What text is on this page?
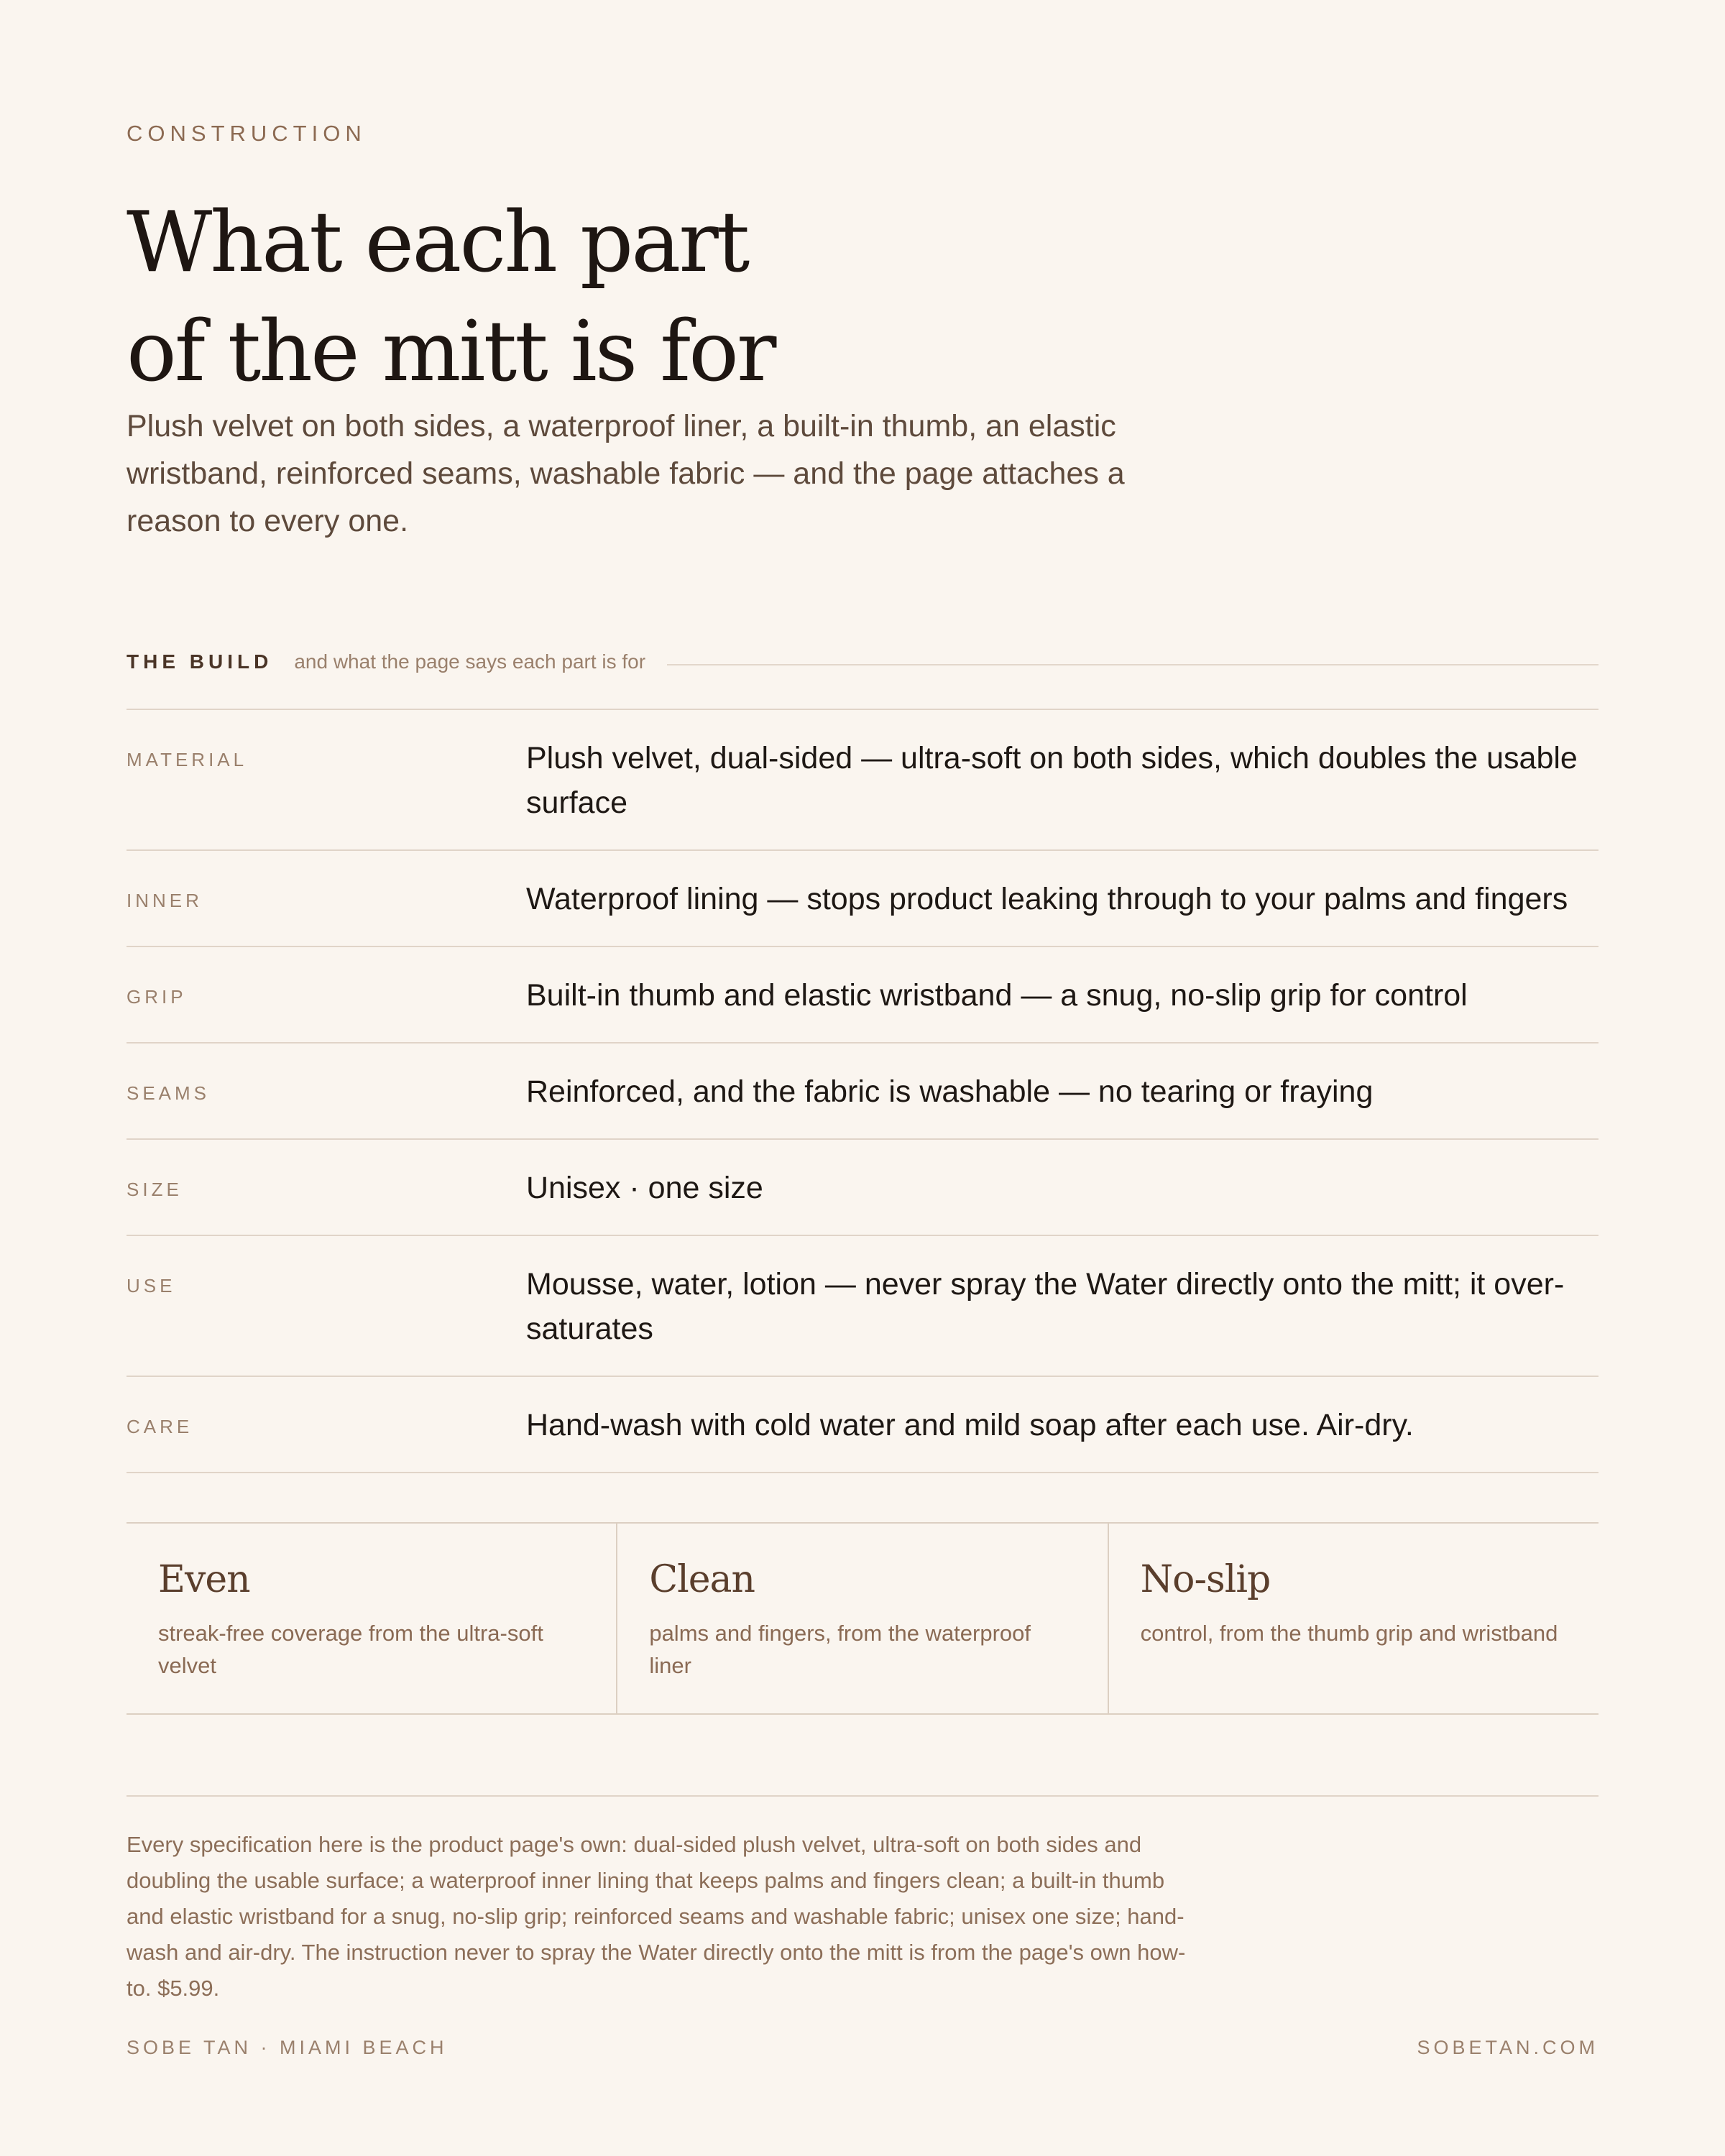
CONSTRUCTION
What each part
of the mitt is for

Plush velvet on both sides, a waterproof liner, a built-in thumb, an elastic wristband, reinforced seams, washable fabric — and the page attaches a reason to every one.

THE BUILD and what the page says each part is for
MATERIAL	Plush velvet, dual-sided — ultra-soft on both sides, which doubles the usable surface
INNER	Waterproof lining — stops product leaking through to your palms and fingers
GRIP	Built-in thumb and elastic wristband — a snug, no-slip grip for control
SEAMS	Reinforced, and the fabric is washable — no tearing or fraying
SIZE	Unisex · one size
USE	Mousse, water, lotion — never spray the Water directly onto the mitt; it over-saturates
CARE	Hand-wash with cold water and mild soap after each use. Air-dry.
Even
streak-free coverage from the ultra-soft velvet
Clean
palms and fingers, from the waterproof liner
No-slip
control, from the thumb grip and wristband

Every specification here is the product page's own: dual-sided plush velvet, ultra-soft on both sides and doubling the usable surface; a waterproof inner lining that keeps palms and fingers clean; a built-in thumb and elastic wristband for a snug, no-slip grip; reinforced seams and washable fabric; unisex one size; hand-wash and air-dry. The instruction never to spray the Water directly onto the mitt is from the page's own how-to. $5.99.

SOBE TAN · MIAMI BEACH	SOBETAN.COM
